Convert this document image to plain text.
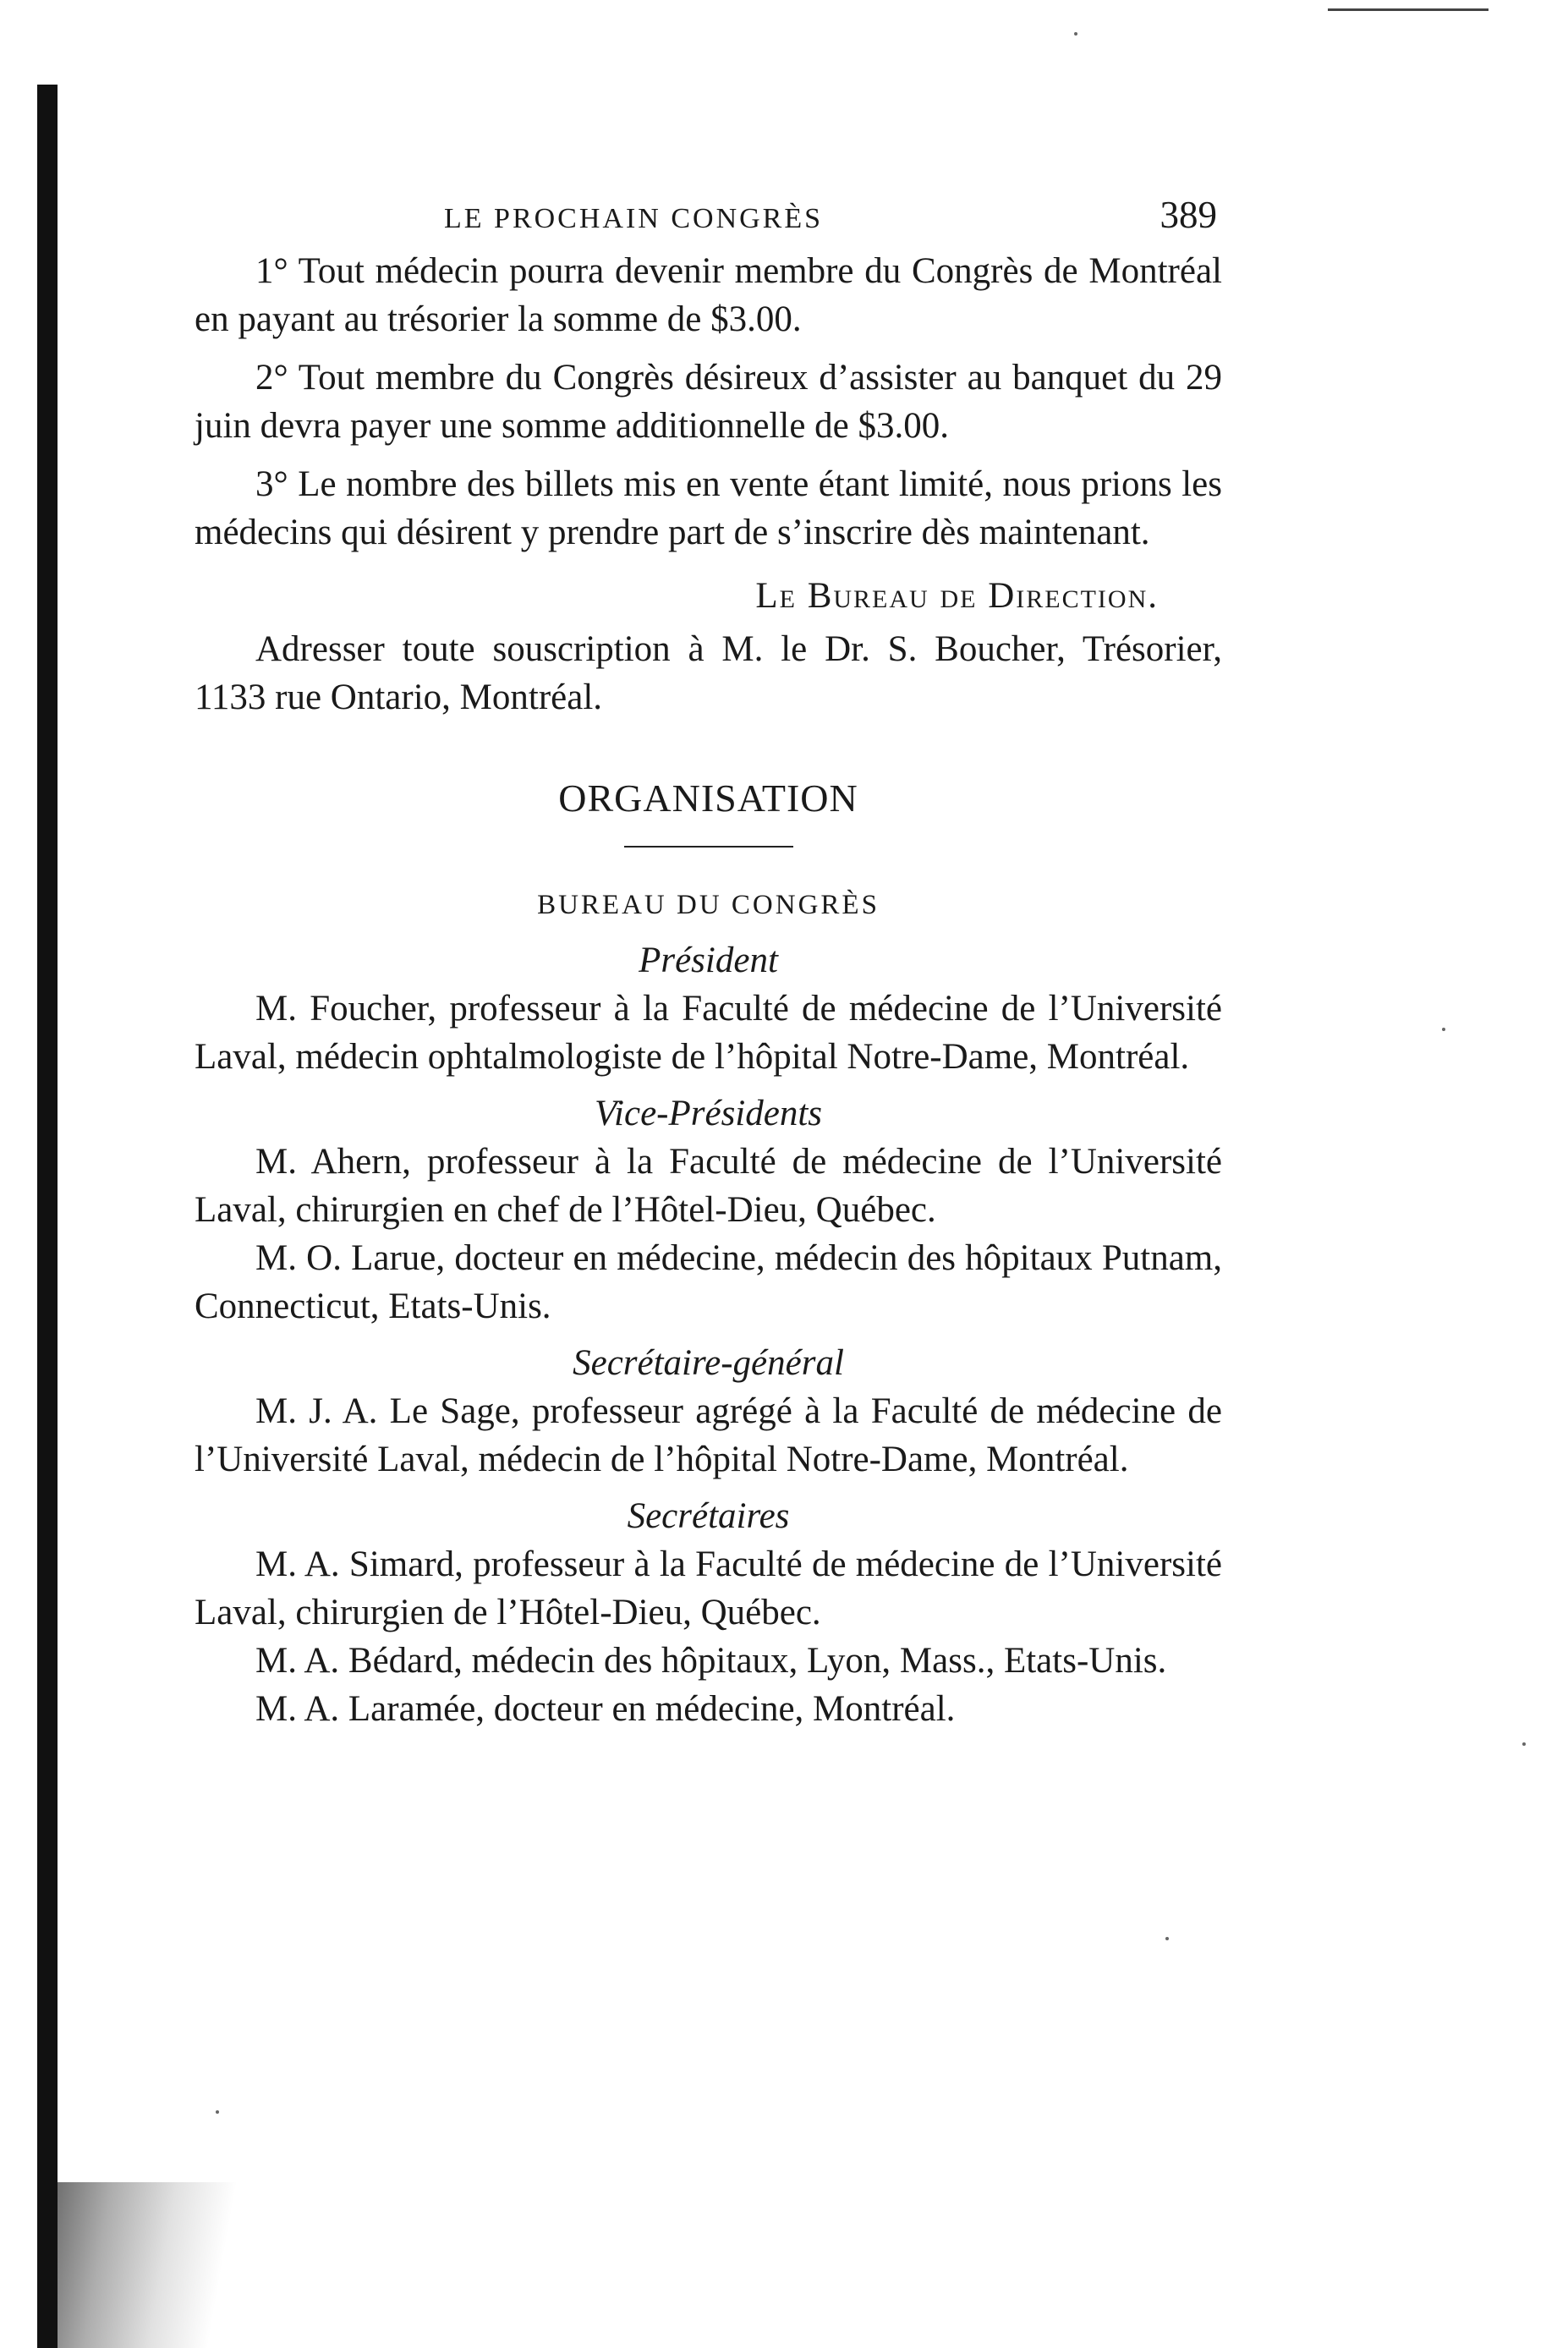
LE PROCHAIN CONGRÈS	389

1° Tout médecin pourra devenir membre du Congrès de Montréal en payant au trésorier la somme de $3.00.

2° Tout membre du Congrès désireux d’assister au banquet du 29 juin devra payer une somme additionnelle de $3.00.

3° Le nombre des billets mis en vente étant limité, nous prions les médecins qui désirent y prendre part de s’inscrire dès maintenant.

Le Bureau de Direction.

Adresser toute souscription à M. le Dr. S. Boucher, Trésorier, 1133 rue Ontario, Montréal.

ORGANISATION
BUREAU DU CONGRÈS
Président

M. Foucher, professeur à la Faculté de médecine de l’Université Laval, médecin ophtalmologiste de l’hôpital Notre-Dame, Montréal.

Vice-Présidents

M. Ahern, professeur à la Faculté de médecine de l’Université Laval, chirurgien en chef de l’Hôtel-Dieu, Québec.

M. O. Larue, docteur en médecine, médecin des hôpitaux Putnam, Connecticut, Etats-Unis.

Secrétaire-général

M. J. A. Le Sage, professeur agrégé à la Faculté de médecine de l’Université Laval, médecin de l’hôpital Notre-Dame, Montréal.

Secrétaires

M. A. Simard, professeur à la Faculté de médecine de l’Université Laval, chirurgien de l’Hôtel-Dieu, Québec.

M. A. Bédard, médecin des hôpitaux, Lyon, Mass., Etats-Unis.

M. A. Laramée, docteur en médecine, Montréal.
